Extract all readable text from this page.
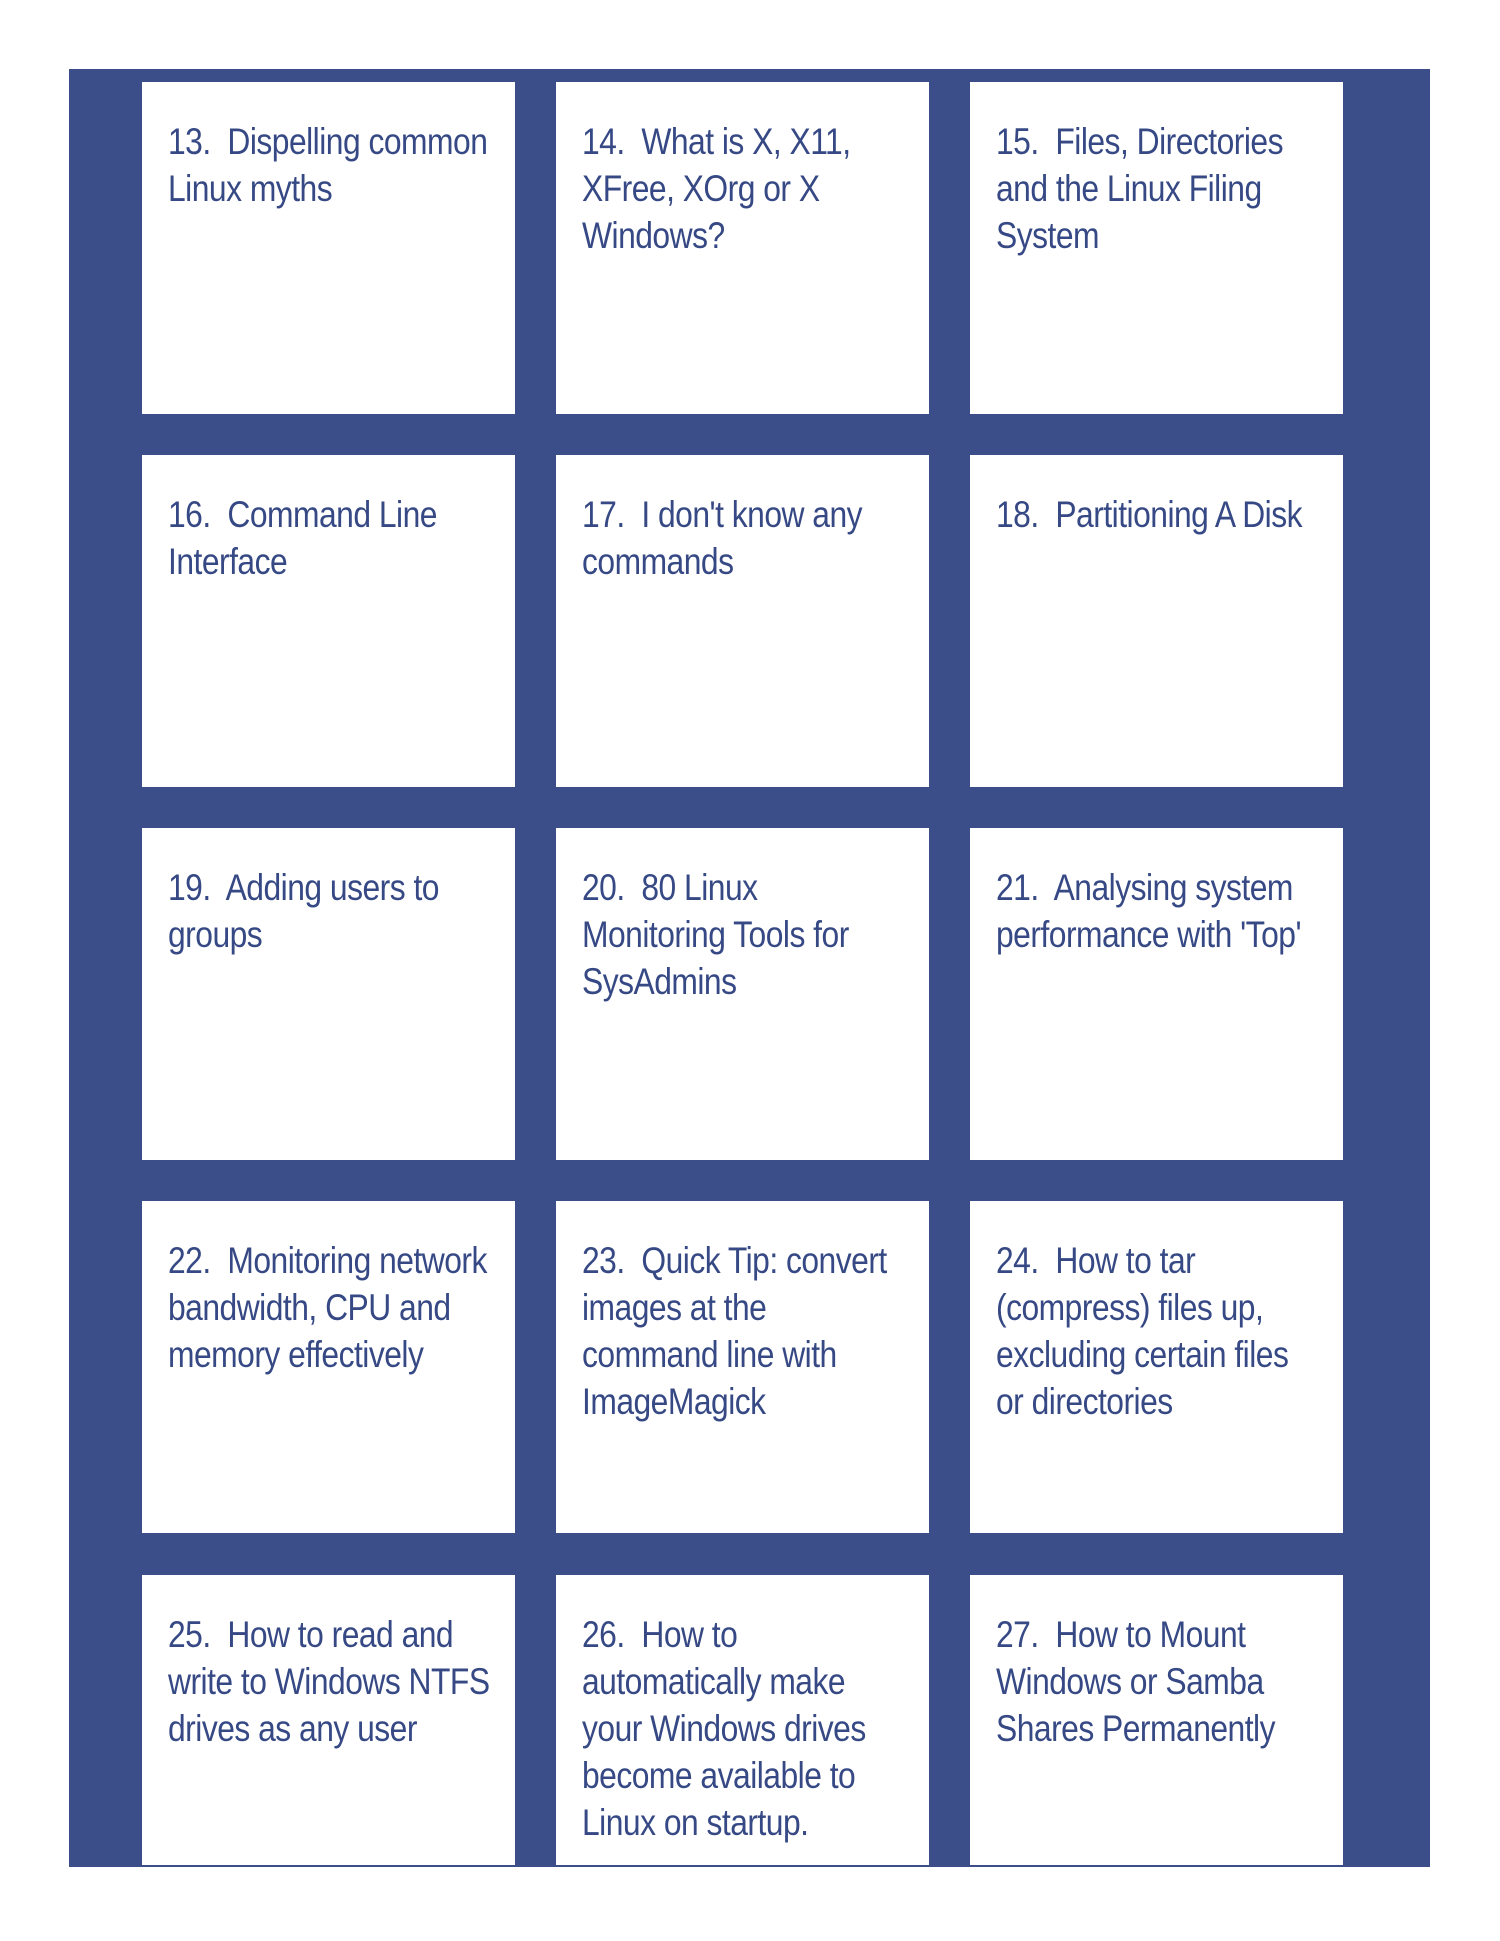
13. Dispelling common Linux myths
14. What is X, X11, XFree, XOrg or X Windows?
15. Files, Directories and the Linux Filing System
16. Command Line Interface
17. I don't know any commands
18. Partitioning A Disk
19. Adding users to groups
20. 80 Linux Monitoring Tools for SysAdmins
21. Analysing system performance with 'Top'
22. Monitoring network bandwidth, CPU and memory effectively
23. Quick Tip: convert images at the command line with ImageMagick
24. How to tar (compress) files up, excluding certain files or directories
25. How to read and write to Windows NTFS drives as any user
26. How to automatically make your Windows drives become available to Linux on startup.
27. How to Mount Windows or Samba Shares Permanently
